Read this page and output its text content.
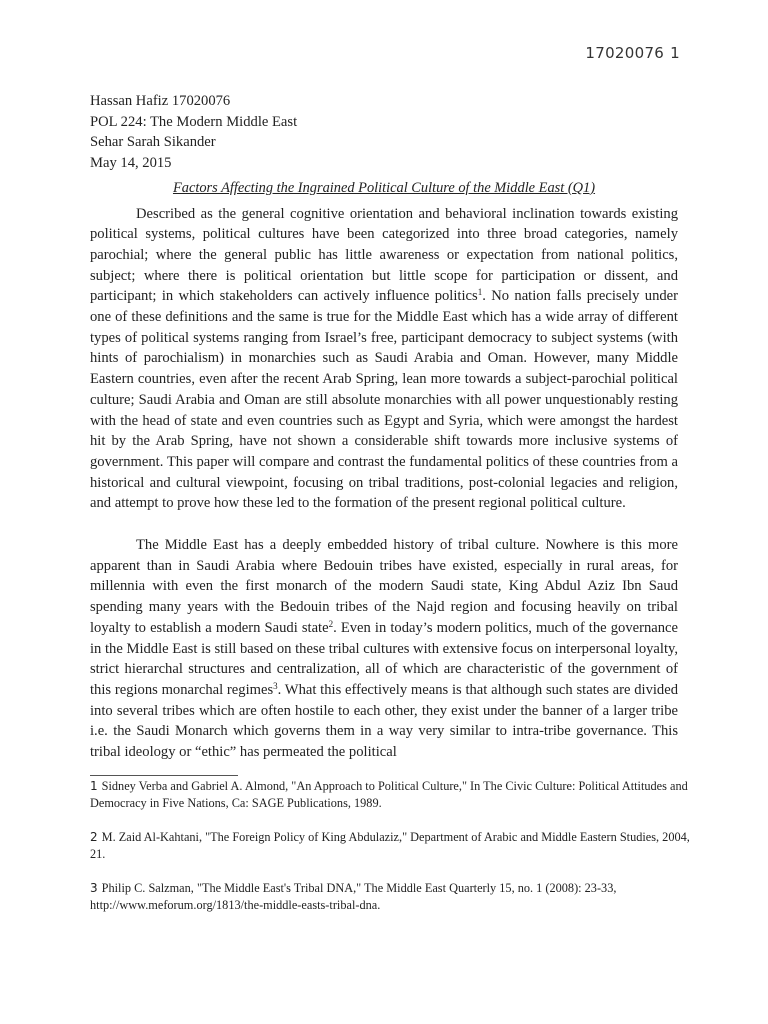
17020076 1
Hassan Hafiz 17020076
POL 224: The Modern Middle East
Sehar Sarah Sikander
May 14, 2015
Factors Affecting the Ingrained Political Culture of the Middle East (Q1)

Described as the general cognitive orientation and behavioral inclination towards existing political systems, political cultures have been categorized into three broad categories, namely parochial; where the general public has little awareness or expectation from national politics, subject; where there is political orientation but little scope for participation or dissent, and participant; in which stakeholders can actively influence politics$^1$. No nation falls precisely under one of these definitions and the same is true for the Middle East which has a wide array of different types of political systems ranging from Israel’s free, participant democracy to subject systems (with hints of parochialism) in monarchies such as Saudi Arabia and Oman. However, many Middle Eastern countries, even after the recent Arab Spring, lean more towards a subject-parochial political culture; Saudi Arabia and Oman are still absolute monarchies with all power unquestionably resting with the head of state and even countries such as Egypt and Syria, which were amongst the hardest hit by the Arab Spring, have not shown a considerable shift towards more inclusive systems of government. This paper will compare and contrast the fundamental politics of these countries from a historical and cultural viewpoint, focusing on tribal traditions, post-colonial legacies and religion, and attempt to prove how these led to the formation of the present regional political culture.

The Middle East has a deeply embedded history of tribal culture. Nowhere is this more apparent than in Saudi Arabia where Bedouin tribes have existed, especially in rural areas, for millennia with even the first monarch of the modern Saudi state, King Abdul Aziz Ibn Saud spending many years with the Bedouin tribes of the Najd region and focusing heavily on tribal loyalty to establish a modern Saudi state$^2$. Even in today’s modern politics, much of the governance in the Middle East is still based on these tribal cultures with extensive focus on interpersonal loyalty, strict hierarchal structures and centralization, all of which are characteristic of the government of this regions monarchal regimes$^3$. What this effectively means is that although such states are divided into several tribes which are often hostile to each other, they exist under the banner of a larger tribe i.e. the Saudi Monarch which governs them in a way very similar to intra-tribe governance. This tribal ideology or “ethic” has permeated the political

1 Sidney Verba and Gabriel A. Almond, "An Approach to Political Culture," In The Civic Culture: Political Attitudes and Democracy in Five Nations, Ca: SAGE Publications, 1989.

2 M. Zaid Al-Kahtani, "The Foreign Policy of King Abdulaziz," Department of Arabic and Middle Eastern Studies, 2004, 21.

3 Philip C. Salzman, "The Middle East's Tribal DNA," The Middle East Quarterly 15, no. 1 (2008): 23-33, http://www.meforum.org/1813/the-middle-easts-tribal-dna.
